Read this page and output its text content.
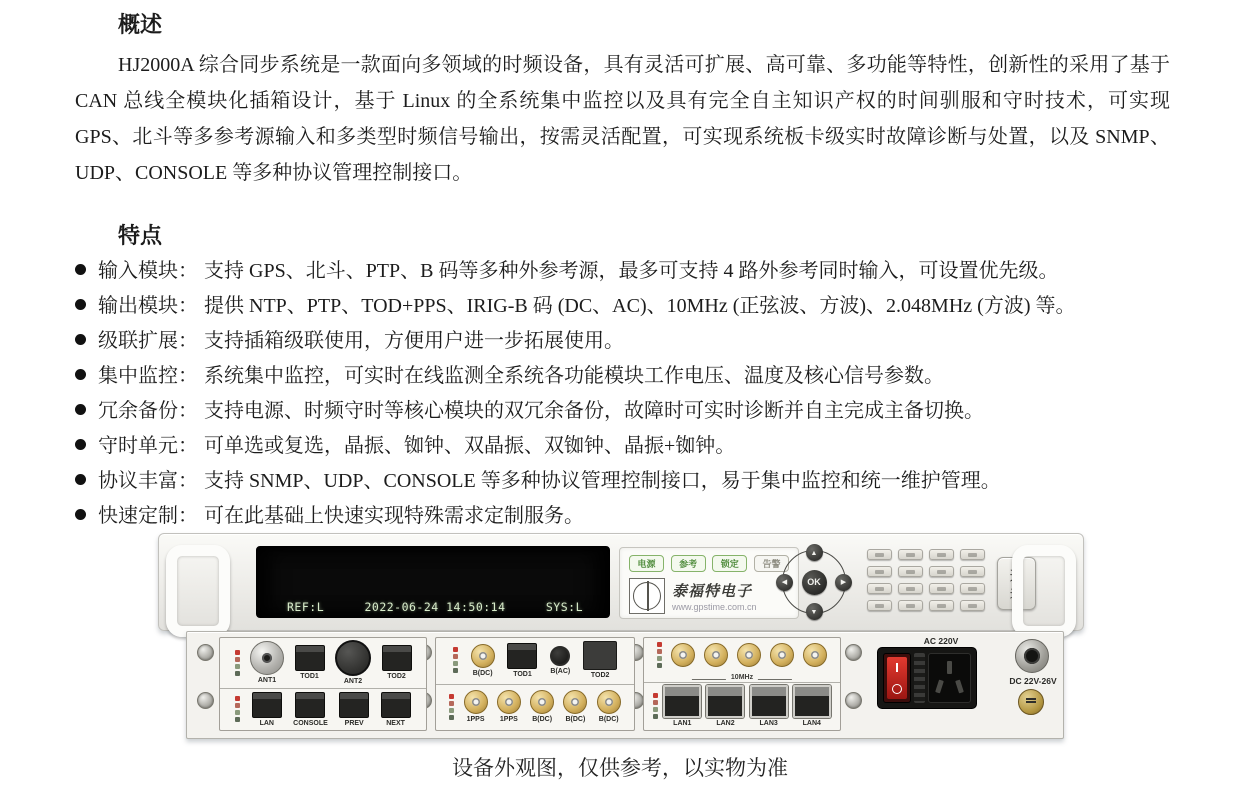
概述

HJ2000A 综合同步系统是一款面向多领域的时频设备，具有灵活可扩展、高可靠、多功能等特性，创新性的采用了基于 CAN 总线全模块化插箱设计，基于 Linux 的全系统集中监控以及具有完全自主知识产权的时间驯服和守时技术，可实现 GPS、北斗等多参考源输入和多类型时频信号输出，按需灵活配置，可实现系统板卡级实时故障诊断与处置，以及 SNMP、UDP、CONSOLE 等多种协议管理控制接口。

特点
输入模块： 支持 GPS、北斗、PTP、B 码等多种外参考源，最多可支持 4 路外参考同时输入，可设置优先级。
输出模块： 提供 NTP、PTP、TOD+PPS、IRIG-B 码 (DC、AC)、10MHz (正弦波、方波)、2.048MHz (方波) 等。
级联扩展： 支持插箱级联使用，方便用户进一步拓展使用。
集中监控： 系统集中监控，可实时在线监测全系统各功能模块工作电压、温度及核心信号参数。
冗余备份： 支持电源、时频守时等核心模块的双冗余备份，故障时可实时诊断并自主完成主备切换。
守时单元： 可单选或复选，晶振、铷钟、双晶振、双铷钟、晶振+铷钟。
协议丰富： 支持 SNMP、UDP、CONSOLE 等多种协议管理控制接口，易于集中监控和统一维护管理。
快速定制： 可在此基础上快速实现特殊需求定制服务。

REF:L

	2022-06-24 14:50:14

	SYS:L

电源	参考	锁定	告警
泰福特电子
www.gpstime.com.cn
▲
◀	OK	▶
▼
开
关
ANT1
TOD1
ANT2
TOD2
LAN	CONSOLE PREV	NEXT
B(DC)	TOD1	B(AC)
TOD2
1PPS 1PPS B(DC) B(DC) B(DC)
10MHz
LAN1	LAN2	LAN3	LAN4
AC 220V
DC 22V-26V
设备外观图，仅供参考，以实物为准
